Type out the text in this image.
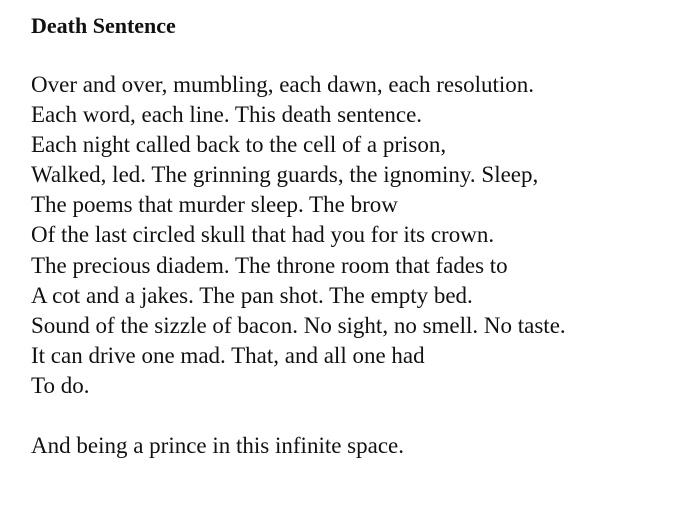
Death Sentence
Over and over, mumbling, each dawn, each resolution.
Each word, each line. This death sentence.
Each night called back to the cell of a prison,
Walked, led. The grinning guards, the ignominy. Sleep,
The poems that murder sleep. The brow
Of the last circled skull that had you for its crown.
The precious diadem. The throne room that fades to
A cot and a jakes. The pan shot. The empty bed.
Sound of the sizzle of bacon. No sight, no smell. No taste.
It can drive one mad. That, and all one had
To do.
And being a prince in this infinite space.
